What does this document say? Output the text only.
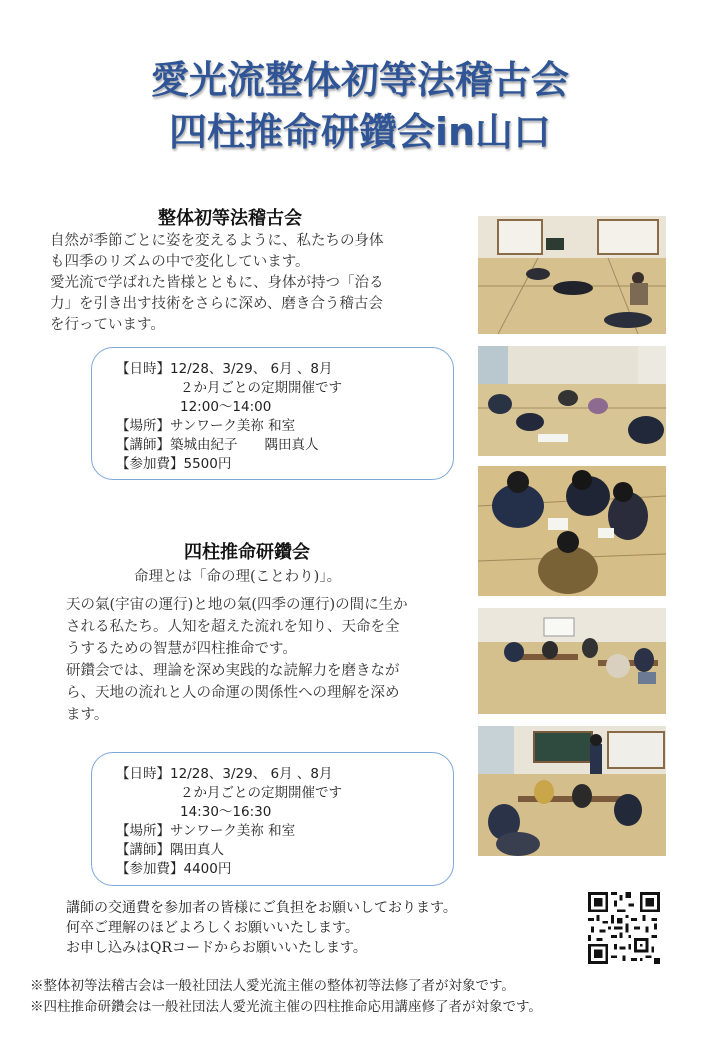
愛光流整体初等法稽古会
四柱推命研鑽会in山口
整体初等法稽古会

自然が季節ごとに姿を変えるように、私たちの身体

も四季のリズムの中で変化しています。

愛光流で学ばれた皆様とともに、身体が持つ「治る

力」を引き出す技術をさらに深め、磨き合う稽古会

を行っています。

【日時】12/28、3/29、 6月 、8月
２か月ごとの定期開催です
12:00～14:00
【場所】サンワーク美祢 和室
【講師】築城由紀子　　隅田真人
【参加費】5500円
四柱推命研鑽会
命理とは「命の理(ことわり)」。

天の氣(宇宙の運行)と地の氣(四季の運行)の間に生か

される私たち。人知を超えた流れを知り、天命を全

うするための智慧が四柱推命です。

研鑽会では、理論を深め実践的な読解力を磨きなが

ら、天地の流れと人の命運の関係性への理解を深め

ます。

【日時】12/28、3/29、 6月 、8月
２か月ごとの定期開催です
14:30～16:30
【場所】サンワーク美祢 和室
【講師】隅田真人
【参加費】4400円

講師の交通費を参加者の皆様にご負担をお願いしております。

何卒ご理解のほどよろしくお願いいたします。

お申し込みはQRコードからお願いいたします。

※整体初等法稽古会は一般社団法人愛光流主催の整体初等法修了者が対象です。

※四柱推命研鑽会は一般社団法人愛光流主催の四柱推命応用講座修了者が対象です。
